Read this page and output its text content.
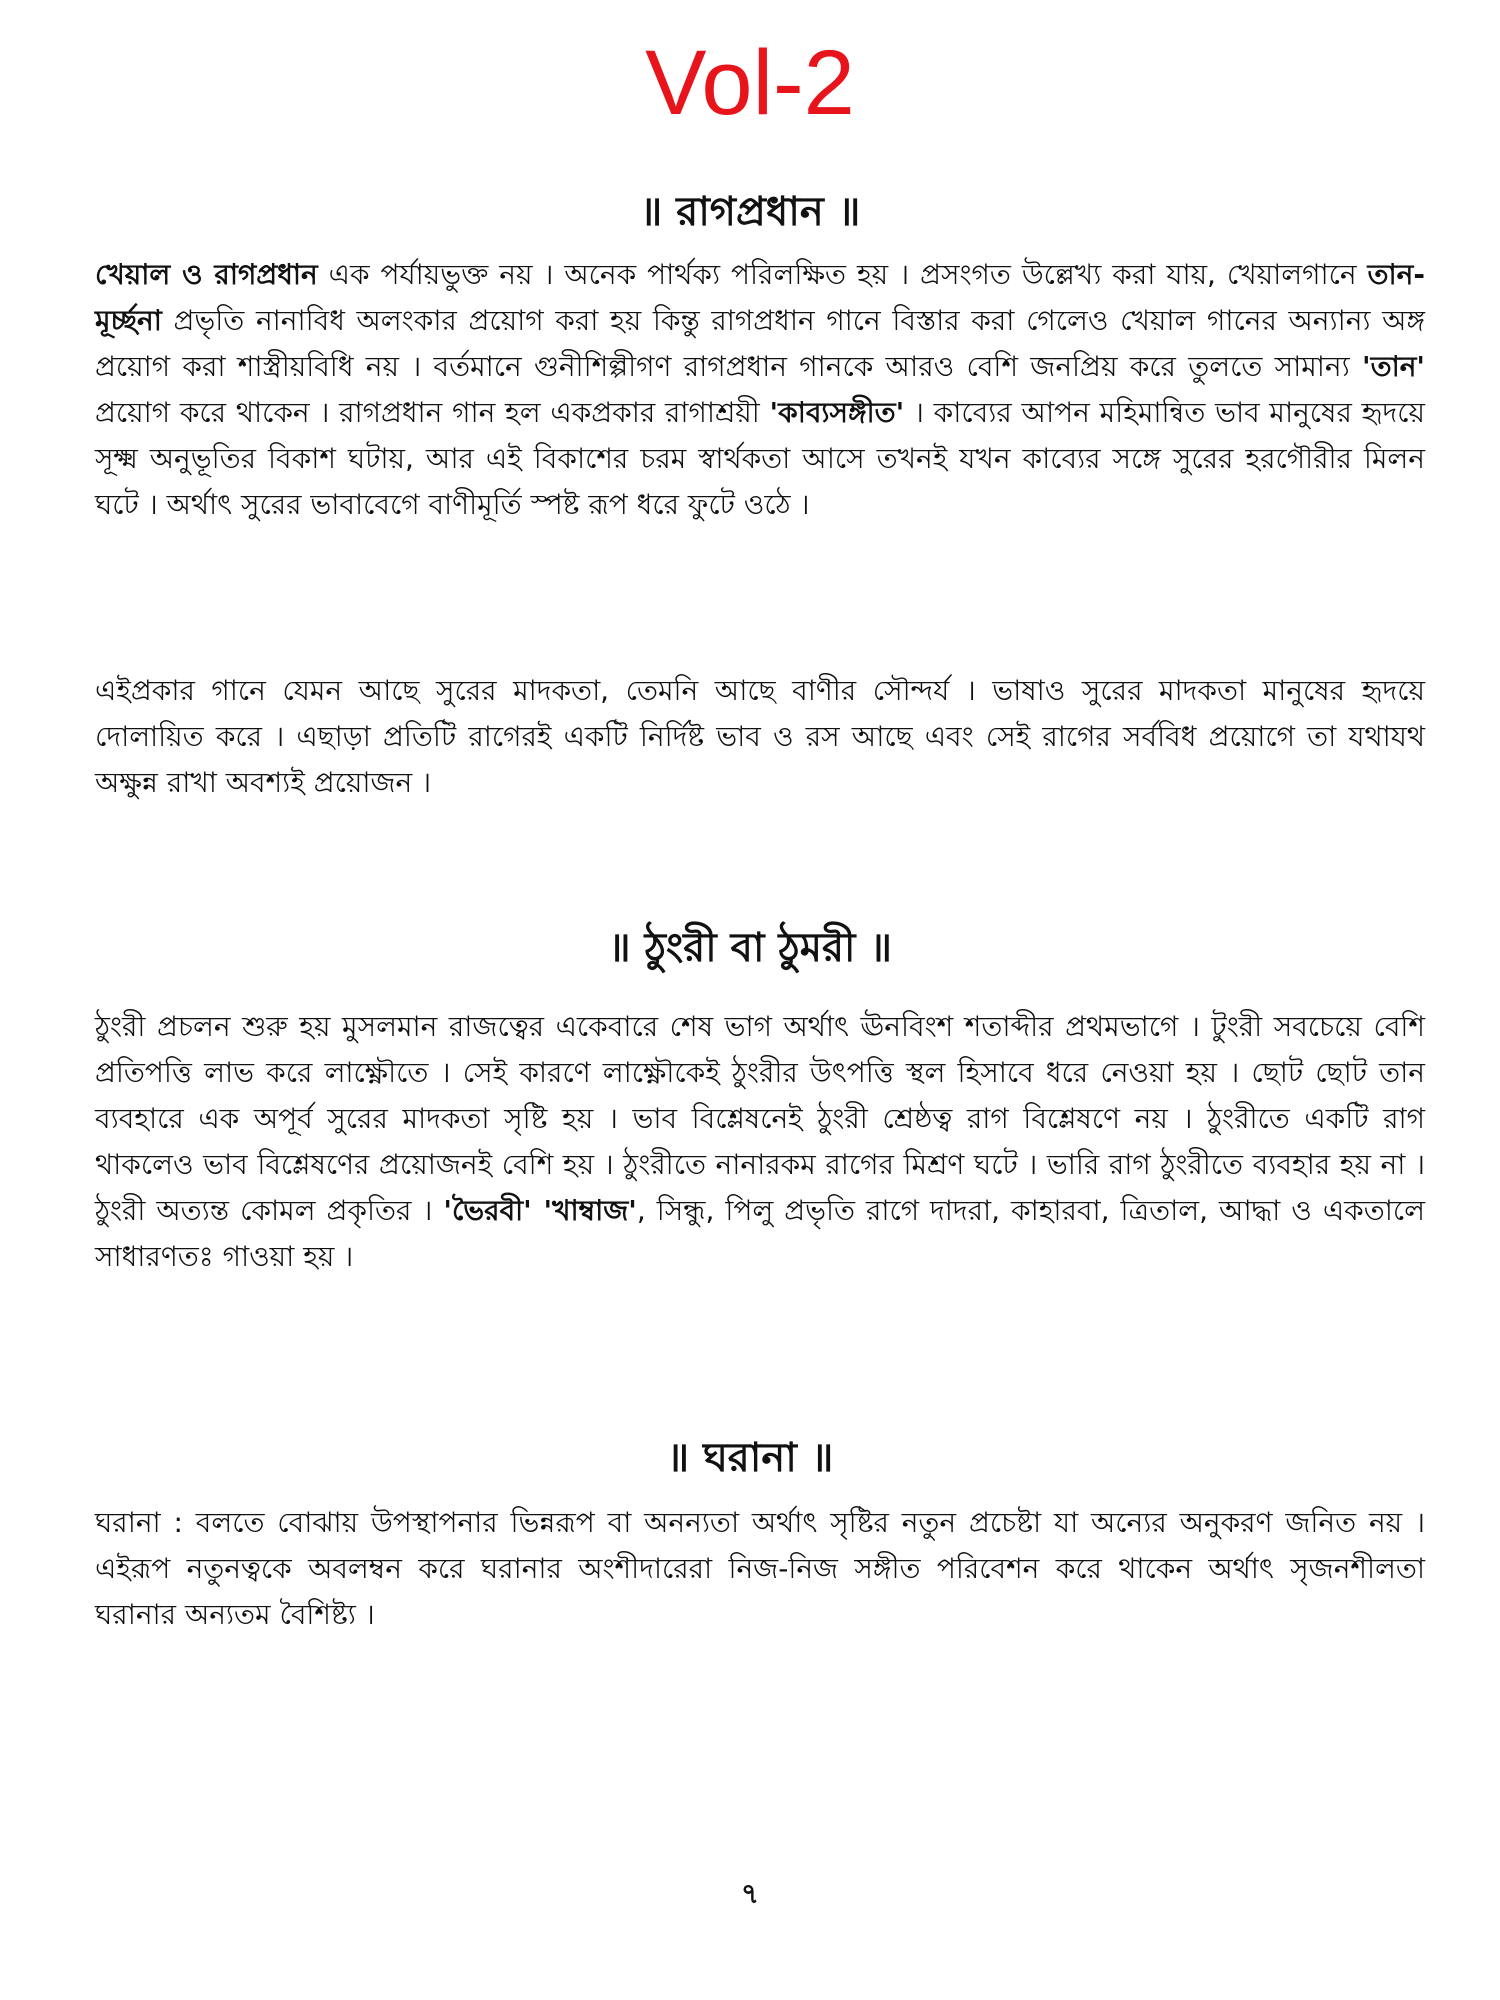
Vol-2
॥ রাগপ্রধান ॥

খেয়াল ও রাগপ্রধান এক পর্যায়ভুক্ত নয় । অনেক পার্থক্য পরিলক্ষিত হয় । প্রসংগত উল্লেখ্য করা যায়, খেয়ালগানে তান-মূর্চ্ছনা প্রভৃতি নানাবিধ অলংকার প্রয়োগ করা হয় কিন্তু রাগপ্রধান গানে বিস্তার করা গেলেও খেয়াল গানের অন্যান্য অঙ্গ প্রয়োগ করা শাস্ত্রীয়বিধি নয় । বর্তমানে গুনীশিল্পীগণ রাগপ্রধান গানকে আরও বেশি জনপ্রিয় করে তুলতে সামান্য 'তান' প্রয়োগ করে থাকেন । রাগপ্রধান গান হল একপ্রকার রাগাশ্রয়ী 'কাব্যসঙ্গীত' । কাব্যের আপন মহিমান্বিত ভাব মানুষের হৃদয়ে সূক্ষ্ম অনুভূতির বিকাশ ঘটায়, আর এই বিকাশের চরম স্বার্থকতা আসে তখনই যখন কাব্যের সঙ্গে সুরের হরগৌরীর মিলন ঘটে । অর্থাৎ সুরের ভাবাবেগে বাণীমূর্তি স্পষ্ট রূপ ধরে ফুটে ওঠে ।

এইপ্রকার গানে যেমন আছে সুরের মাদকতা, তেমনি আছে বাণীর সৌন্দর্য । ভাষাও সুরের মাদকতা মানুষের হৃদয়ে দোলায়িত করে । এছাড়া প্রতিটি রাগেরই একটি নির্দিষ্ট ভাব ও রস আছে এবং সেই রাগের সর্ববিধ প্রয়োগে তা যথাযথ অক্ষুন্ন রাখা অবশ্যই প্রয়োজন ।

॥ ঠুংরী বা ঠুমরী ॥

ঠুংরী প্রচলন শুরু হয় মুসলমান রাজত্বের একেবারে শেষ ভাগ অর্থাৎ ঊনবিংশ শতাব্দীর প্রথমভাগে । টুংরী সবচেয়ে বেশি প্রতিপত্তি লাভ করে লাক্ষ্ণৌতে । সেই কারণে লাক্ষ্ণৌকেই ঠুংরীর উৎপত্তি স্থল হিসাবে ধরে নেওয়া হয় । ছোট ছোট তান ব্যবহারে এক অপূর্ব সুরের মাদকতা সৃষ্টি হয় । ভাব বিশ্লেষনেই ঠুংরী শ্রেষ্ঠত্ব রাগ বিশ্লেষণে নয় । ঠুংরীতে একটি রাগ থাকলেও ভাব বিশ্লেষণের প্রয়োজনই বেশি হয় । ঠুংরীতে নানারকম রাগের মিশ্রণ ঘটে । ভারি রাগ ঠুংরীতে ব্যবহার হয় না । ঠুংরী অত্যন্ত কোমল প্রকৃতির । 'ভৈরবী' 'খাম্বাজ', সিন্ধু, পিলু প্রভৃতি রাগে দাদরা, কাহারবা, ত্রিতাল, আদ্ধা ও একতালে সাধারণতঃ গাওয়া হয় ।

॥ ঘরানা ॥

ঘরানা : বলতে বোঝায় উপস্থাপনার ভিন্নরূপ বা অনন্যতা অর্থাৎ সৃষ্টির নতুন প্রচেষ্টা যা অন্যের অনুকরণ জনিত নয় । এইরূপ নতুনত্বকে অবলম্বন করে ঘরানার অংশীদারেরা নিজ-নিজ সঙ্গীত পরিবেশন করে থাকেন অর্থাৎ সৃজনশীলতা ঘরানার অন্যতম বৈশিষ্ট্য ।

৭
